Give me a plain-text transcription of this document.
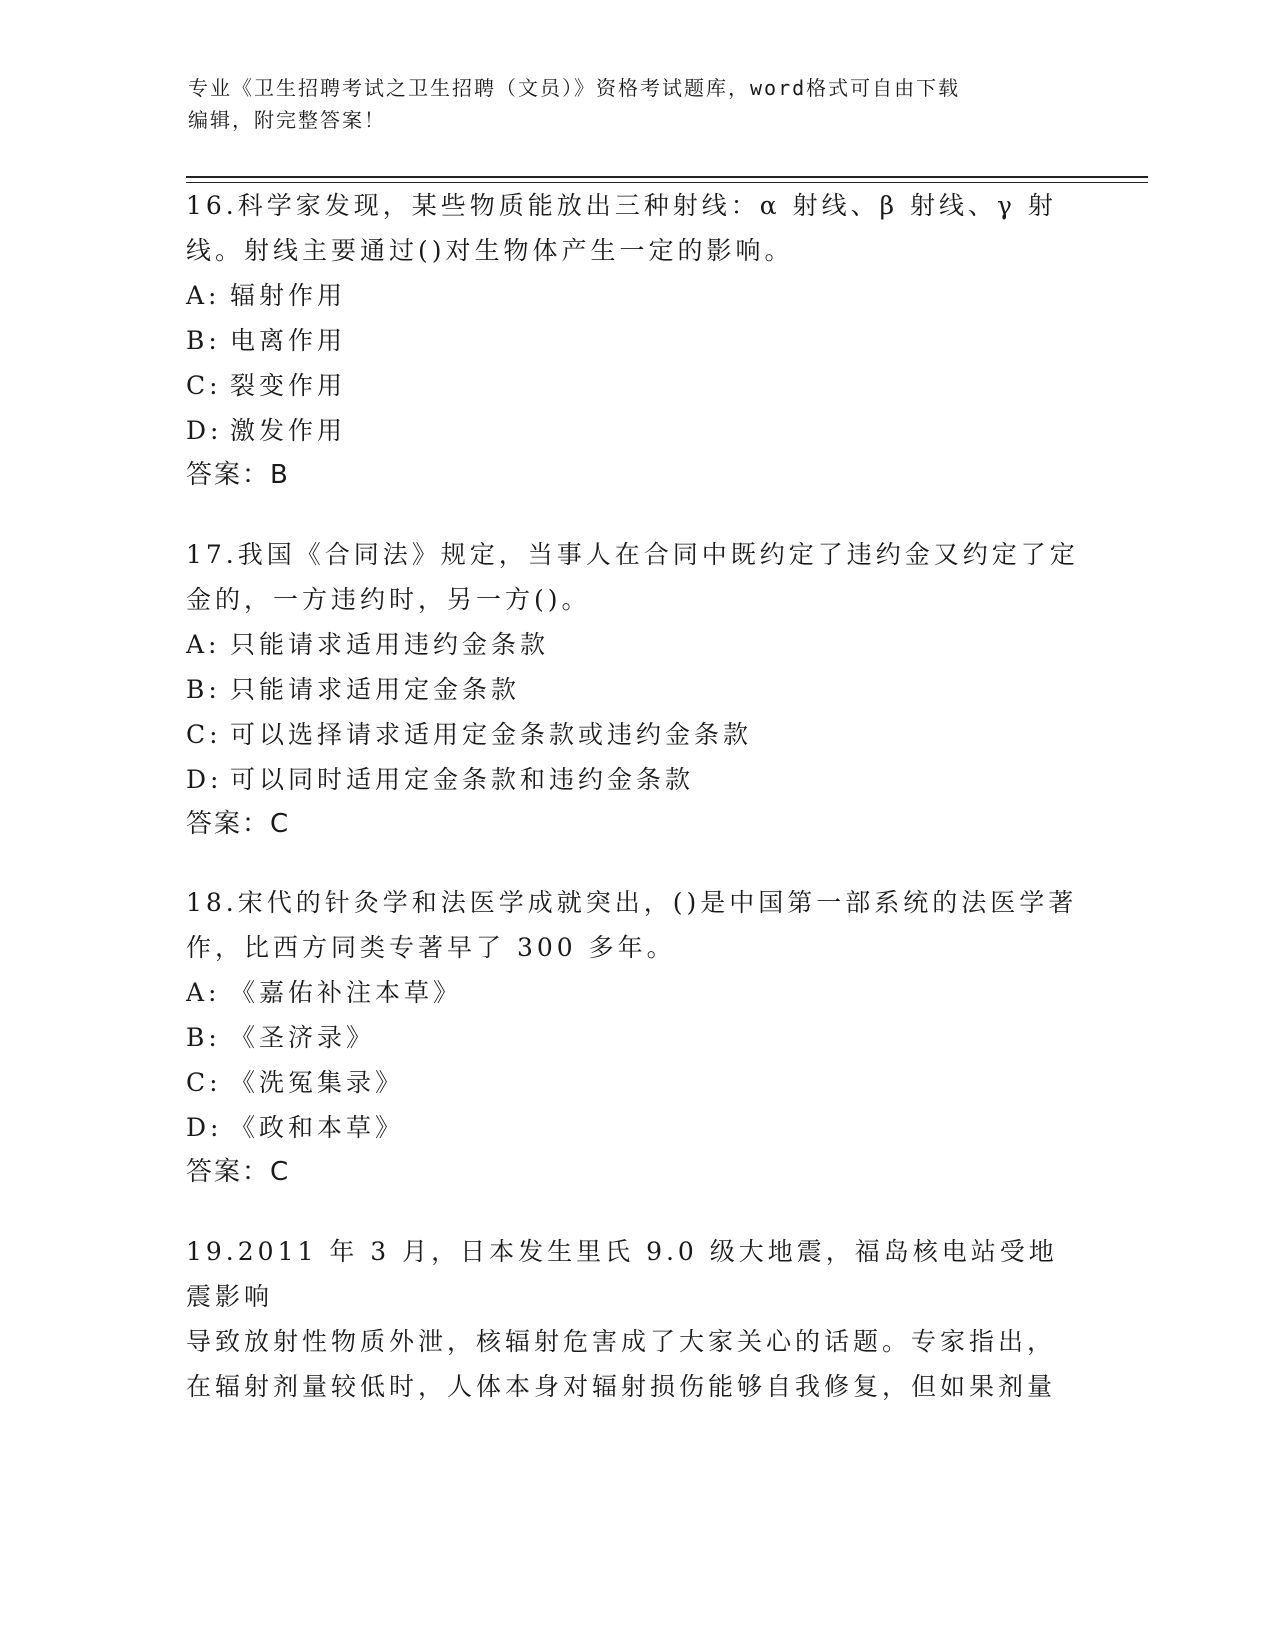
专业《卫生招聘考试之卫生招聘（文员）》资格考试题库，word格式可自由下载
编辑，附完整答案！

16.科学家发现，某些物质能放出三种射线：α 射线、β 射线、γ 射

线。射线主要通过()对生物体产生一定的影响。

A: 辐射作用
B: 电离作用
C: 裂变作用
D: 激发作用
答案：B

17.我国《合同法》规定，当事人在合同中既约定了违约金又约定了定

金的，一方违约时，另一方()。

A: 只能请求适用违约金条款
B: 只能请求适用定金条款
C: 可以选择请求适用定金条款或违约金条款
D: 可以同时适用定金条款和违约金条款
答案：C

18.宋代的针灸学和法医学成就突出，()是中国第一部系统的法医学著

作，比西方同类专著早了 300 多年。

A: 《嘉佑补注本草》
B: 《圣济录》
C: 《洗冤集录》
D: 《政和本草》
答案：C

19.2011 年 3 月，日本发生里氏 9.0 级大地震，福岛核电站受地震影响

导致放射性物质外泄，核辐射危害成了大家关心的话题。专家指出，

在辐射剂量较低时，人体本身对辐射损伤能够自我修复，但如果剂量
